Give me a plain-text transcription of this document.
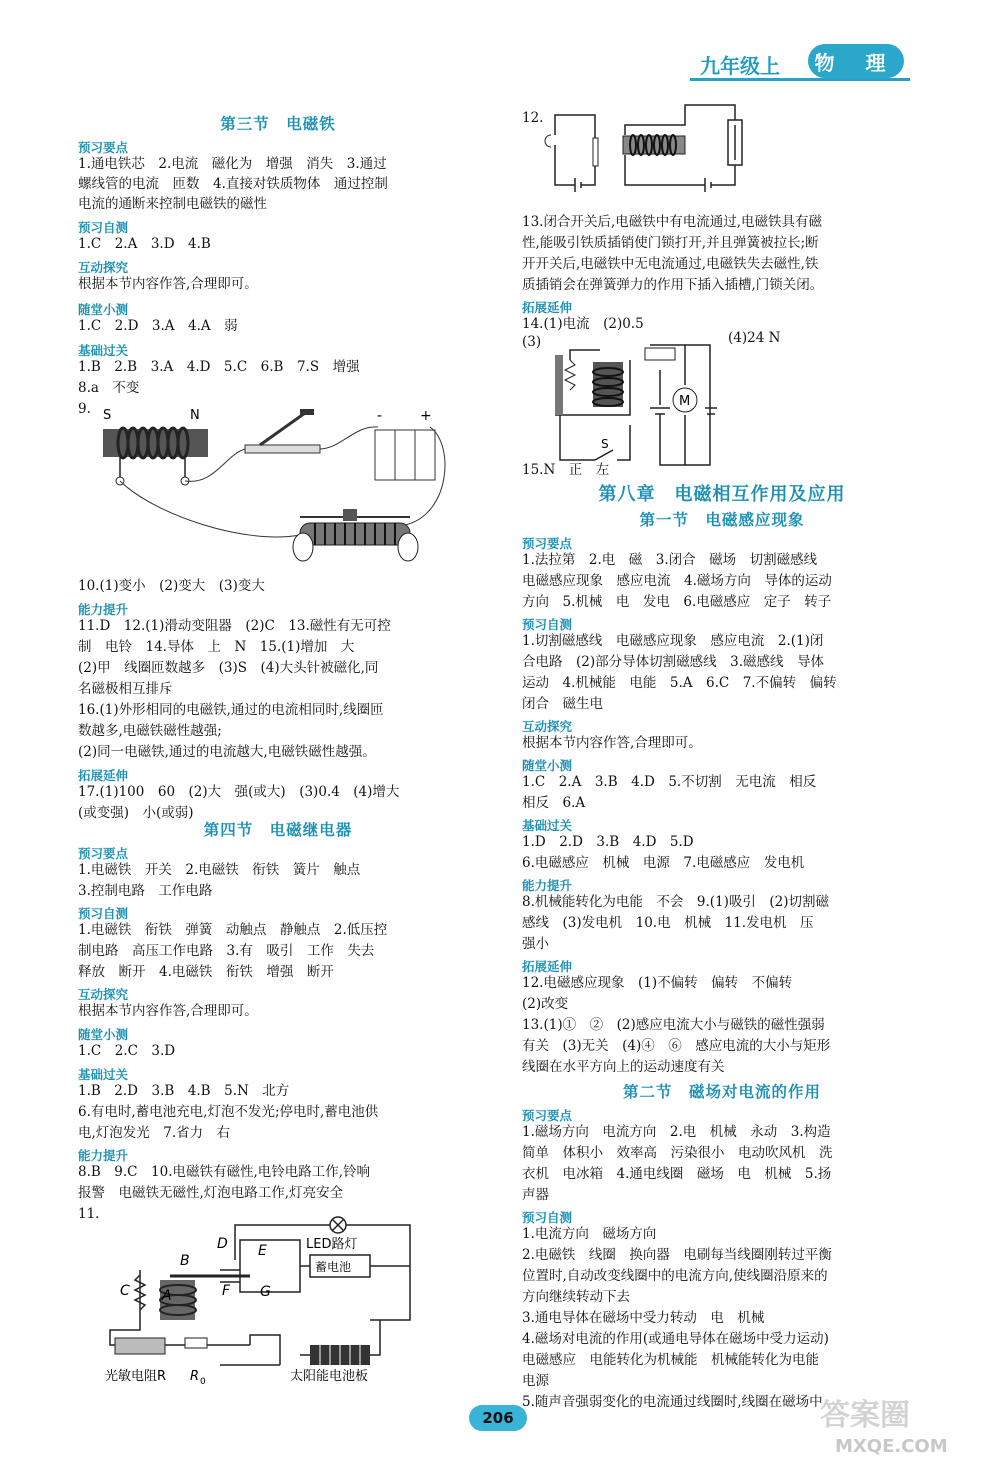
九年级上	物 理
第三节　电磁铁
预习要点
1.通电铁芯　2.电流　磁化为　增强　消失　3.通过
螺线管的电流　匝数　4.直接对铁质物体　通过控制
电流的通断来控制电磁铁的磁性
预习自测
1.C　2.A　3.D　4.B
互动探究
根据本节内容作答,合理即可。
随堂小测
1.C　2.D　3.A　4.A　弱
基础过关
1.B　2.B　3.A　4.D　5.C　6.B　7.S　增强
8.a　不变
9. S	N	-	+
10.(1)变小　(2)变大　(3)变大
能力提升
11.D　12.(1)滑动变阻器　(2)C　13.磁性有无可控
制　电铃　14.导体　上　N　15.(1)增加　大
(2)甲　线圈匝数越多　(3)S　(4)大头针被磁化,同
名磁极相互排斥
16.(1)外形相同的电磁铁,通过的电流相同时,线圈匝
数越多,电磁铁磁性越强;
(2)同一电磁铁,通过的电流越大,电磁铁磁性越强。
拓展延伸
17.(1)100　60　(2)大　强(或大)　(3)0.4　(4)增大
(或变强)　小(或弱)
第四节　电磁继电器
预习要点
1.电磁铁　开关　2.电磁铁　衔铁　簧片　触点
3.控制电路　工作电路
预习自测
1.电磁铁　衔铁　弹簧　动触点　静触点　2.低压控
制电路　高压工作电路　3.有　吸引　工作　失去
释放　断开　4.电磁铁　衔铁　增强　断开
互动探究
根据本节内容作答,合理即可。
随堂小测
1.C　2.C　3.D
基础过关
1.B　2.D　3.B　4.B　5.N　北方
6.有电时,蓄电池充电,灯泡不发光;停电时,蓄电池供
电,灯泡发光　7.省力　右
能力提升
8.B　9.C　10.电磁铁有磁性,电铃电路工作,铃响
报警　电磁铁无磁性,灯泡电路工作,灯亮安全
11.
D E
B
C A	F G
LED路灯
蓄电池
太阳能电池板
光敏电阻R R 0
12.
13.闭合开关后,电磁铁中有电流通过,电磁铁具有磁
性,能吸引铁质插销使门锁打开,并且弹簧被拉长;断
开开关后,电磁铁中无电流通过,电磁铁失去磁性,铁
质插销会在弹簧弹力的作用下插入插槽,门锁关闭。
拓展延伸
14.(1)电流　(2)0.5
(3)	(4)24 N
M
S
15.N　正　左
第八章　电磁相互作用及应用
第一节　电磁感应现象
预习要点
1.法拉第　2.电　磁　3.闭合　磁场　切割磁感线
电磁感应现象　感应电流　4.磁场方向　导体的运动
方向　5.机械　电　发电　6.电磁感应　定子　转子
预习自测
1.切割磁感线　电磁感应现象　感应电流　2.(1)闭
合电路　(2)部分导体切割磁感线　3.磁感线　导体
运动　4.机械能　电能　5.A　6.C　7.不偏转　偏转
闭合　磁生电
互动探究
根据本节内容作答,合理即可。
随堂小测
1.C　2.A　3.B　4.D　5.不切割　无电流　相反
相反　6.A
基础过关
1.D　2.D　3.B　4.D　5.D
6.电磁感应　机械　电源　7.电磁感应　发电机
能力提升
8.机械能转化为电能　不会　9.(1)吸引　(2)切割磁
感线　(3)发电机　10.电　机械　11.发电机　压
强小
拓展延伸
12.电磁感应现象　(1)不偏转　偏转　不偏转
(2)改变
13.(1)①　②　(2)感应电流大小与磁铁的磁性强弱
有关　(3)无关　(4)④　⑥　感应电流的大小与矩形
线圈在水平方向上的运动速度有关
第二节　磁场对电流的作用
预习要点
1.磁场方向　电流方向　2.电　机械　永动　3.构造
简单　体积小　效率高　污染很小　电动吹风机　洗
衣机　电冰箱　4.通电线圈　磁场　电　机械　5.扬
声器
预习自测
1.电流方向　磁场方向
2.电磁铁　线圈　换向器　电刷每当线圈刚转过平衡
位置时,自动改变线圈中的电流方向,使线圈沿原来的
方向继续转动下去
3.通电导体在磁场中受力转动　电　机械
4.磁场对电流的作用(或通电导体在磁场中受力运动)
电磁感应　电能转化为机械能　机械能转化为电能
电源
5.随声音强弱变化的电流通过线圈时,线圈在磁场中
206	答案圈
MXQE.COM
